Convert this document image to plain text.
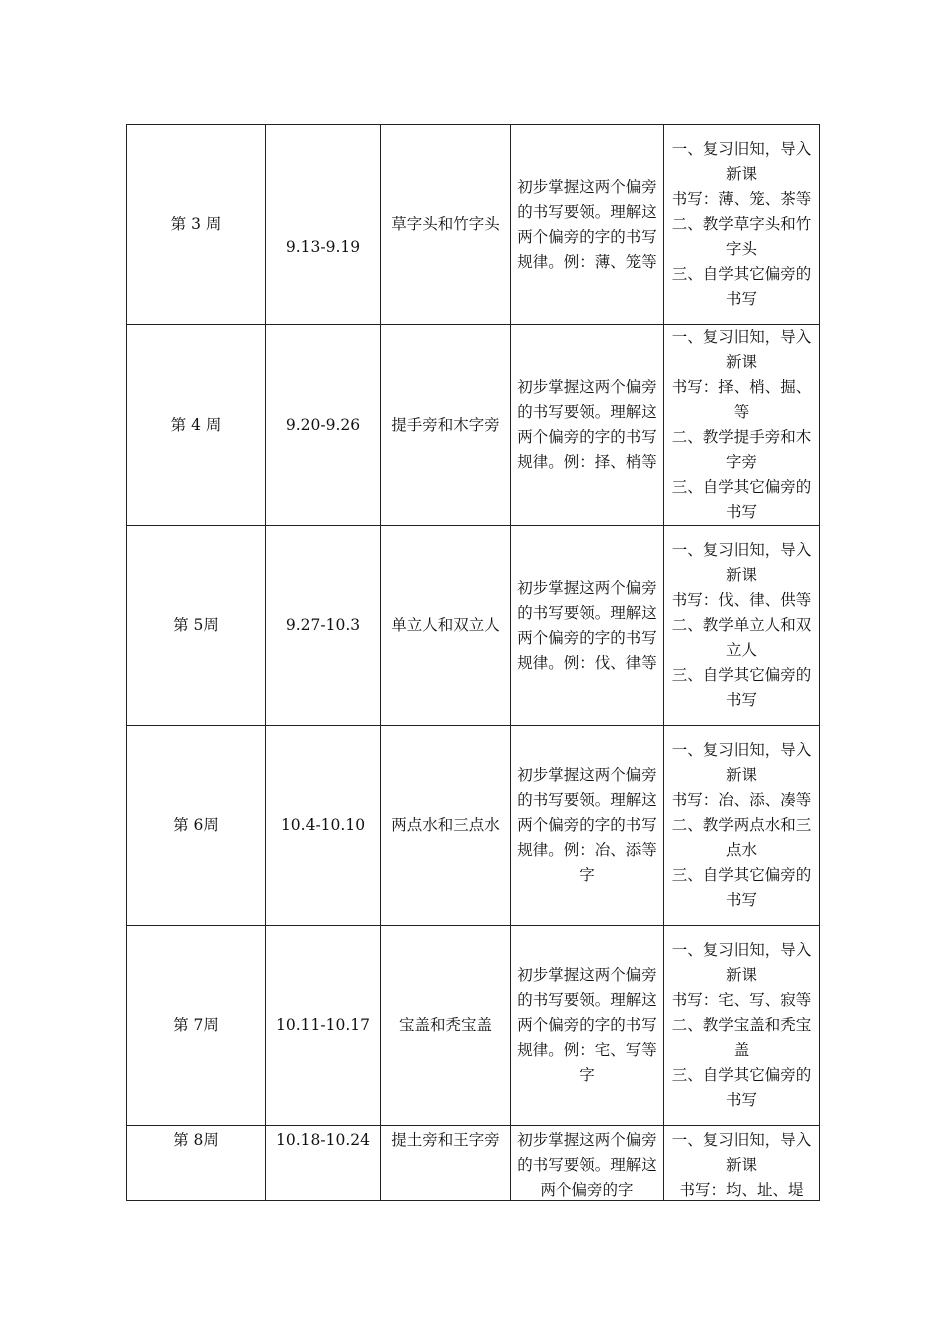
第 3 周	9.13-9.19	草字头和竹字头	初步掌握这两个偏旁的书写要领。理解这两个偏旁的字的书写规律。例：薄、笼等	一、复习旧知，导入新课
书写：薄、笼、茶等
二、教学草字头和竹字头
三、自学其它偏旁的书写

第 4 周	9.20-9.26	提手旁和木字旁	初步掌握这两个偏旁的书写要领。理解这两个偏旁的字的书写规律。例：择、梢等	一、复习旧知，导入新课
书写：择、梢、掘、等
二、教学提手旁和木字旁
三、自学其它偏旁的书写

第 5周	9.27-10.3	单立人和双立人	初步掌握这两个偏旁的书写要领。理解这两个偏旁的字的书写规律。例：伐、律等	一、复习旧知，导入新课
书写：伐、律、供等
二、教学单立人和双立人
三、自学其它偏旁的书写

第 6周	10.4-10.10	两点水和三点水	初步掌握这两个偏旁的书写要领。理解这两个偏旁的字的书写规律。例：冶、添等字	一、复习旧知，导入新课
书写：冶、添、凑等
二、教学两点水和三点水
三、自学其它偏旁的书写

第 7周	10.11-10.17	宝盖和秃宝盖	初步掌握这两个偏旁的书写要领。理解这两个偏旁的字的书写规律。例：宅、写等字	一、复习旧知，导入新课
书写：宅、写、寂等
二、教学宝盖和秃宝盖
三、自学其它偏旁的书写

第 8周	10.18-10.24	提土旁和王字旁	初步掌握这两个偏旁的书写要领。理解这两个偏旁的字	一、复习旧知，导入新课
书写：均、址、堤
